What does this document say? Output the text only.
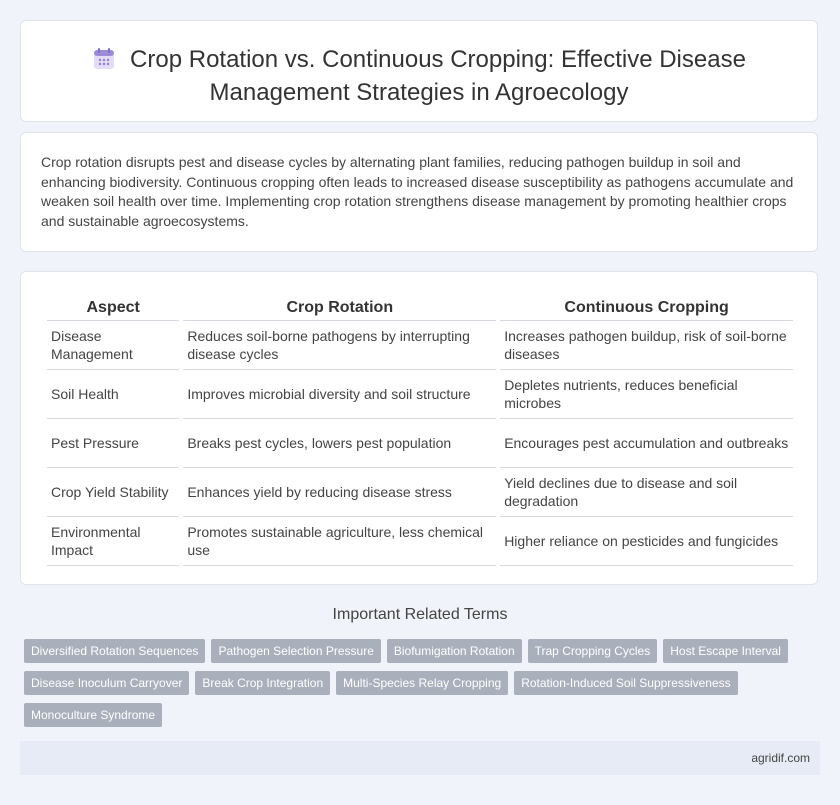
Crop Rotation vs. Continuous Cropping: Effective Disease
Management Strategies in Agroecology
Crop rotation disrupts pest and disease cycles by alternating plant families, reducing pathogen buildup in soil and enhancing biodiversity. Continuous cropping often leads to increased disease susceptibility as pathogens accumulate and weaken soil health over time. Implementing crop rotation strengthens disease management by promoting healthier crops and sustainable agroecosystems.
Aspect	Crop Rotation	Continuous Cropping
Disease Management	Reduces soil-borne pathogens by interrupting disease cycles	Increases pathogen buildup, risk of soil-borne diseases
Soil Health	Improves microbial diversity and soil structure	Depletes nutrients, reduces beneficial microbes
Pest Pressure	Breaks pest cycles, lowers pest population	Encourages pest accumulation and outbreaks
Crop Yield Stability	Enhances yield by reducing disease stress	Yield declines due to disease and soil degradation
Environmental Impact	Promotes sustainable agriculture, less chemical use	Higher reliance on pesticides and fungicides
Important Related Terms
Diversified Rotation Sequences Pathogen Selection Pressure Biofumigation Rotation Trap Cropping Cycles Host Escape Interval
Disease Inoculum Carryover Break Crop Integration Multi-Species Relay Cropping Rotation-Induced Soil Suppressiveness
Monoculture Syndrome
agridif.com
